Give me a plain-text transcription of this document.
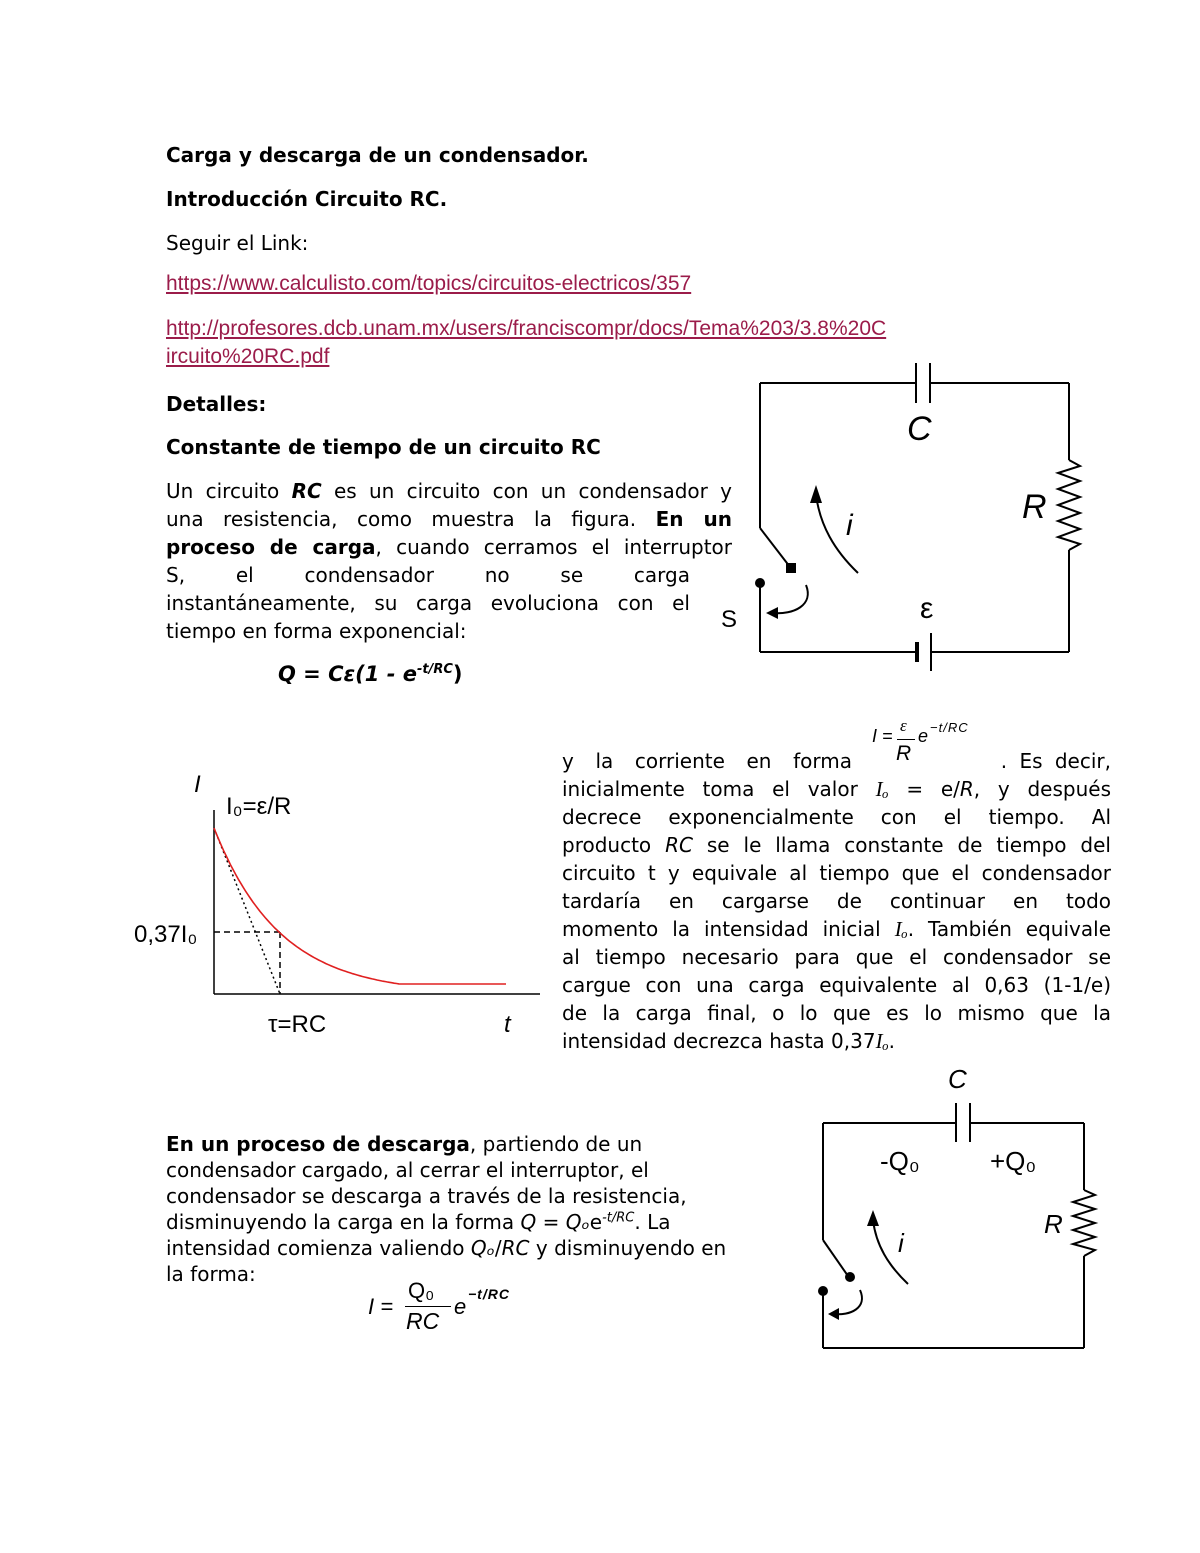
Carga y descarga de un condensador.
Introducción Circuito RC.
Seguir el Link:
https://www.calculisto.com/topics/circuitos-electricos/357
http://profesores.dcb.unam.mx/users/franciscompr/docs/Tema%203/3.8%20C
ircuito%20RC.pdf
Detalles:
Constante de tiempo de un circuito RC
Un circuito RC es un circuito con un condensador y
una resistencia, como muestra la figura. En un
proceso de carga, cuando cerramos el interruptor
S,	el	condensador	no	se	carga
instantáneamente, su carga evoluciona con el
tiempo en forma exponencial:
$Q = C\varepsilon(1 - e^{-t/RC})$
C
R
i
ε
S
I =
ε
R
e −t/RC
y la corriente en forma	. Es decir,
inicialmente toma el valor Iₒ = e/R, y después
decrece exponencialmente con el tiempo. Al
producto RC se le llama constante de tiempo del
circuito t y equivale al tiempo que el condensador
tardaría en cargarse de continuar en todo
momento la intensidad inicial Iₒ. También equivale
al tiempo necesario para que el condensador se
cargue con una carga equivalente al 0,63 (1-1/e)
de la carga final, o lo que es lo mismo que la
intensidad decrezca hasta 0,37Iₒ.
I
I₀=ε/R
0,37I₀
τ=RC	t
En un proceso de descarga, partiendo de un
condensador cargado, al cerrar el interruptor, el
condensador se descarga a través de la resistencia,
disminuyendo la carga en la forma Q = Qₒe$^{-t/RC}$. La
intensidad comienza valiendo Qₒ/RC y disminuyendo en
la forma:
I =
Q₀
RC
e −t/RC
C
-Q₀	+Q₀
R
i
